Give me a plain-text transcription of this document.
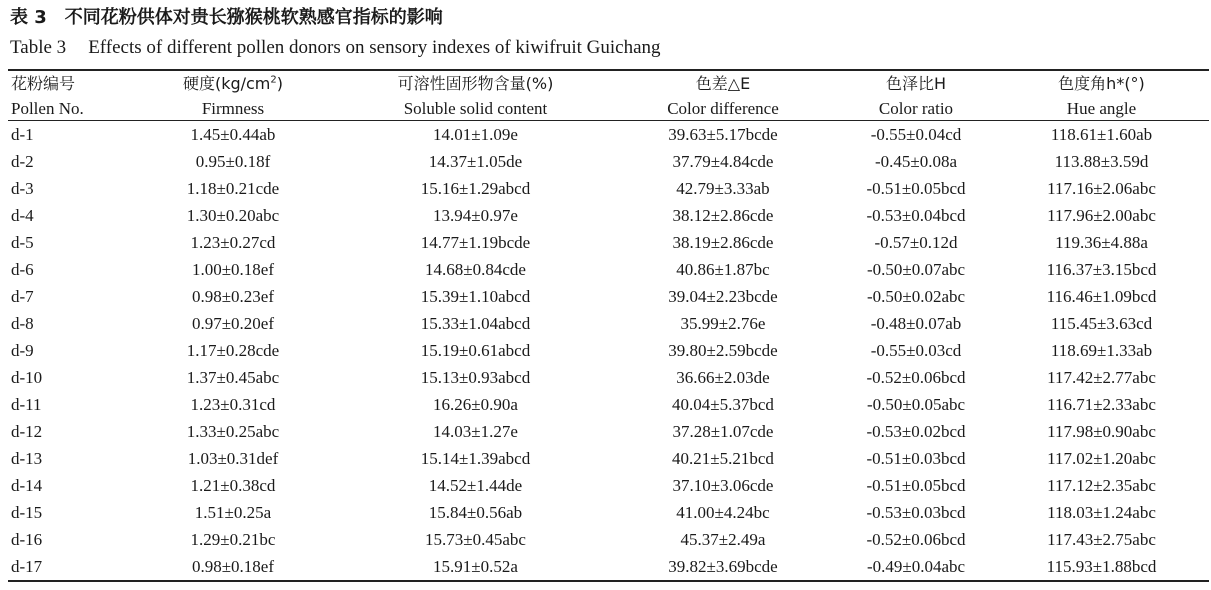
表 3 不同花粉供体对贵长猕猴桃软熟感官指标的影响
Table 3 Effects of different pollen donors on sensory indexes of kiwifruit Guichang
花粉编号	硬度$(kg/cm^2)$	可溶性固形物含量(%)	色差△E	色泽比H	色度角h*(°)
Pollen No.	Firmness	Soluble solid content	Color difference	Color ratio	Hue angle
d-1	1.45±0.44ab	14.01±1.09e	39.63±5.17bcde	-0.55±0.04cd	118.61±1.60ab
d-2	0.95±0.18f	14.37±1.05de	37.79±4.84cde	-0.45±0.08a	113.88±3.59d
d-3	1.18±0.21cde	15.16±1.29abcd	42.79±3.33ab	-0.51±0.05bcd	117.16±2.06abc
d-4	1.30±0.20abc	13.94±0.97e	38.12±2.86cde	-0.53±0.04bcd	117.96±2.00abc
d-5	1.23±0.27cd	14.77±1.19bcde	38.19±2.86cde	-0.57±0.12d	119.36±4.88a
d-6	1.00±0.18ef	14.68±0.84cde	40.86±1.87bc	-0.50±0.07abc	116.37±3.15bcd
d-7	0.98±0.23ef	15.39±1.10abcd	39.04±2.23bcde	-0.50±0.02abc	116.46±1.09bcd
d-8	0.97±0.20ef	15.33±1.04abcd	35.99±2.76e	-0.48±0.07ab	115.45±3.63cd
d-9	1.17±0.28cde	15.19±0.61abcd	39.80±2.59bcde	-0.55±0.03cd	118.69±1.33ab
d-10	1.37±0.45abc	15.13±0.93abcd	36.66±2.03de	-0.52±0.06bcd	117.42±2.77abc
d-11	1.23±0.31cd	16.26±0.90a	40.04±5.37bcd	-0.50±0.05abc	116.71±2.33abc
d-12	1.33±0.25abc	14.03±1.27e	37.28±1.07cde	-0.53±0.02bcd	117.98±0.90abc
d-13	1.03±0.31def	15.14±1.39abcd	40.21±5.21bcd	-0.51±0.03bcd	117.02±1.20abc
d-14	1.21±0.38cd	14.52±1.44de	37.10±3.06cde	-0.51±0.05bcd	117.12±2.35abc
d-15	1.51±0.25a	15.84±0.56ab	41.00±4.24bc	-0.53±0.03bcd	118.03±1.24abc
d-16	1.29±0.21bc	15.73±0.45abc	45.37±2.49a	-0.52±0.06bcd	117.43±2.75abc
d-17	0.98±0.18ef	15.91±0.52a	39.82±3.69bcde	-0.49±0.04abc	115.93±1.88bcd
